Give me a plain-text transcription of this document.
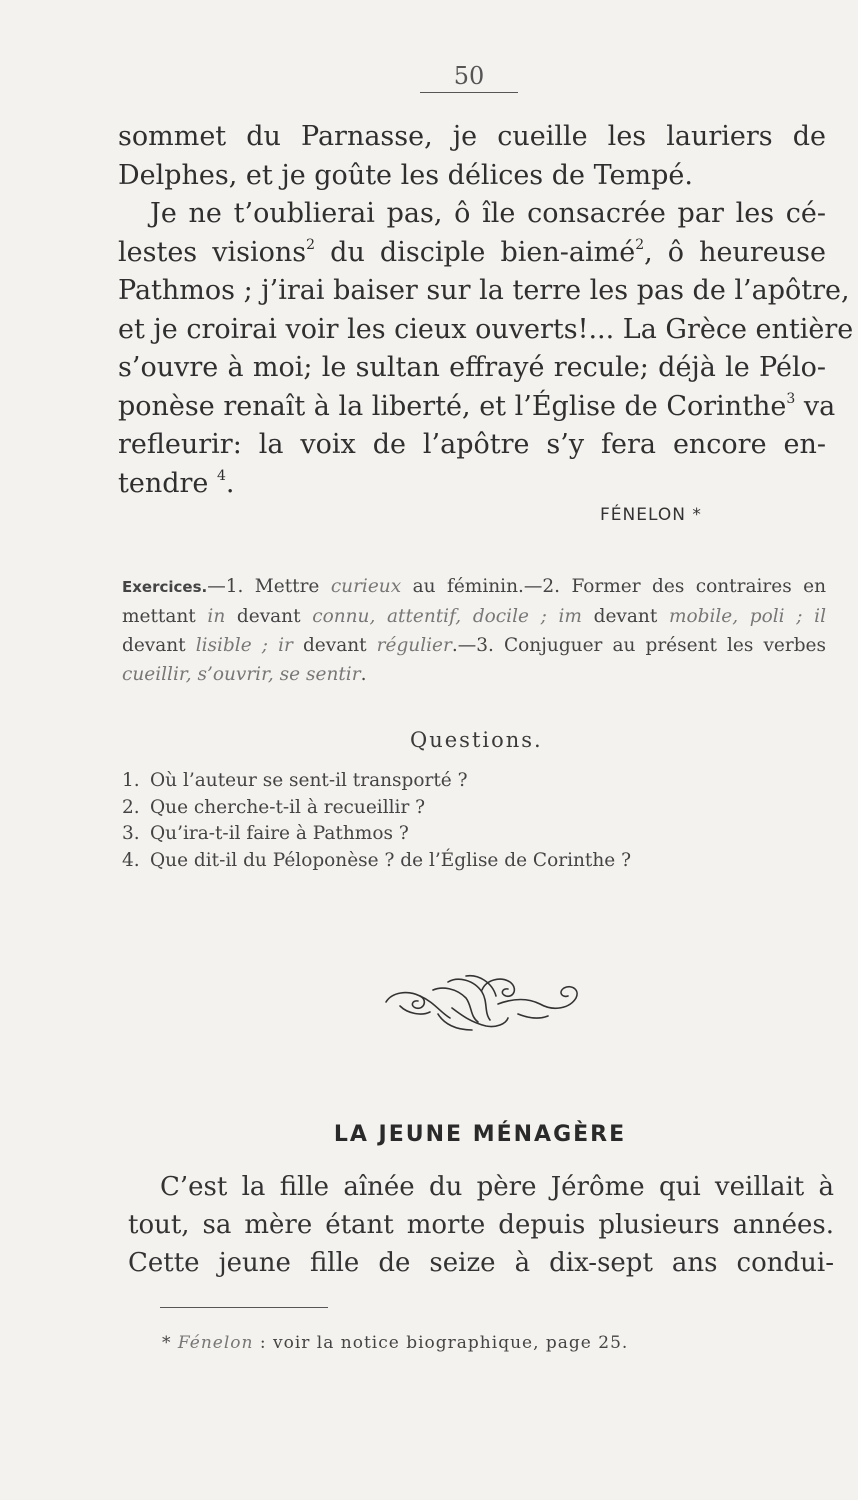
50
sommet du Parnasse, je cueille les lauriers de
Delphes, et je goûte les délices de Tempé.
Je ne t’oublierai pas, ô île consacrée par les cé-
lestes visions$^2$ du disciple bien-aimé$^2$, ô heureuse
Pathmos ; j’irai baiser sur la terre les pas de l’apôtre,
et je croirai voir les cieux ouverts!... La Grèce entière
s’ouvre à moi; le sultan effrayé recule; déjà le Pélo-
ponèse renaît à la liberté, et l’Église de Corinthe$^3$ va
refleurir: la voix de l’apôtre s’y fera encore en-
tendre $^4$.
FÉNELON *
Exercices.—1. Mettre curieux au féminin.—2. Former des contraires en mettant in devant connu, attentif, docile ; im devant mobile, poli ; il devant lisible ; ir devant régulier.—3. Conjuguer au présent les verbes cueillir, s’ouvrir, se sentir.
Questions.
1. Où l’auteur se sent-il transporté ?
2. Que cherche-t-il à recueillir ?
3. Qu’ira-t-il faire à Pathmos ?
4. Que dit-il du Péloponèse ? de l’Église de Corinthe ?
LA JEUNE MÉNAGÈRE
C’est la fille aînée du père Jérôme qui veillait à
tout, sa mère étant morte depuis plusieurs années.
Cette jeune fille de seize à dix-sept ans condui-
* Fénelon : voir la notice biographique, page 25.
